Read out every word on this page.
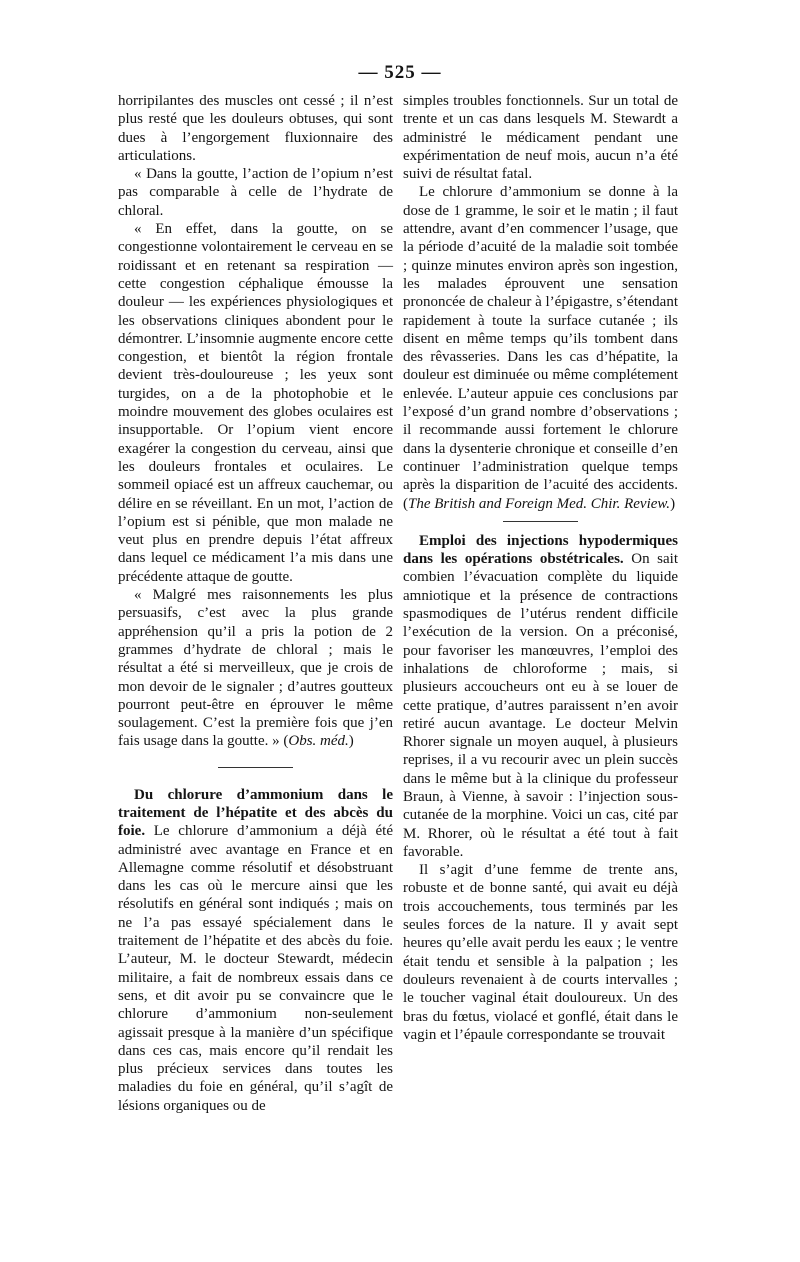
— 525 —

horripilantes des muscles ont cessé ; il n’est plus resté que les douleurs obtuses, qui sont dues à l’engorgement fluxionnaire des articulations.

« Dans la goutte, l’action de l’opium n’est pas comparable à celle de l’hydrate de chloral.

« En effet, dans la goutte, on se congestionne volontairement le cerveau en se roidissant et en retenant sa respiration — cette congestion céphalique émousse la douleur — les expériences physiologiques et les observations cliniques abondent pour le démontrer. L’insomnie augmente encore cette congestion, et bientôt la région frontale devient très-douloureuse ; les yeux sont turgides, on a de la photophobie et le moindre mouvement des globes oculaires est insupportable. Or l’opium vient encore exagérer la congestion du cerveau, ainsi que les douleurs frontales et oculaires. Le sommeil opiacé est un affreux cauchemar, ou délire en se réveillant. En un mot, l’action de l’opium est si pénible, que mon malade ne veut plus en prendre depuis l’état affreux dans lequel ce médicament l’a mis dans une précédente attaque de goutte.

« Malgré mes raisonnements les plus persuasifs, c’est avec la plus grande appréhension qu’il a pris la potion de 2 grammes d’hydrate de chloral ; mais le résultat a été si merveilleux, que je crois de mon devoir de le signaler ; d’autres goutteux pourront peut-être en éprouver le même soulagement. C’est la première fois que j’en fais usage dans la goutte. » (Obs. méd.)

Du chlorure d’ammonium dans le traitement de l’hépatite et des abcès du foie. Le chlorure d’ammonium a déjà été administré avec avantage en France et en Allemagne comme résolutif et désobstruant dans les cas où le mercure ainsi que les résolutifs en général sont indiqués ; mais on ne l’a pas essayé spécialement dans le traitement de l’hépatite et des abcès du foie. L’auteur, M. le docteur Stewardt, médecin militaire, a fait de nombreux essais dans ce sens, et dit avoir pu se convaincre que le chlorure d’ammonium non-seulement agissait presque à la manière d’un spécifique dans ces cas, mais encore qu’il rendait les plus précieux services dans toutes les maladies du foie en général, qu’il s’agît de lésions organiques ou de

simples troubles fonctionnels. Sur un total de trente et un cas dans lesquels M. Stewardt a administré le médicament pendant une expérimentation de neuf mois, aucun n’a été suivi de résultat fatal.

Le chlorure d’ammonium se donne à la dose de 1 gramme, le soir et le matin ; il faut attendre, avant d’en commencer l’usage, que la période d’acuité de la maladie soit tombée ; quinze minutes environ après son ingestion, les malades éprouvent une sensation prononcée de chaleur à l’épigastre, s’étendant rapidement à toute la surface cutanée ; ils disent en même temps qu’ils tombent dans des rêvasseries. Dans les cas d’hépatite, la douleur est diminuée ou même complétement enlevée. L’auteur appuie ces conclusions par l’exposé d’un grand nombre d’observations ; il recommande aussi fortement le chlorure dans la dysenterie chronique et conseille d’en continuer l’administration quelque temps après la disparition de l’acuité des accidents. (The British and Foreign Med. Chir. Review.)

Emploi des injections hypodermiques dans les opérations obstétricales. On sait combien l’évacuation complète du liquide amniotique et la présence de contractions spasmodiques de l’utérus rendent difficile l’exécution de la version. On a préconisé, pour favoriser les manœuvres, l’emploi des inhalations de chloroforme ; mais, si plusieurs accoucheurs ont eu à se louer de cette pratique, d’autres paraissent n’en avoir retiré aucun avantage. Le docteur Melvin Rhorer signale un moyen auquel, à plusieurs reprises, il a vu recourir avec un plein succès dans le même but à la clinique du professeur Braun, à Vienne, à savoir : l’injection sous-cutanée de la morphine. Voici un cas, cité par M. Rhorer, où le résultat a été tout à fait favorable.

Il s’agit d’une femme de trente ans, robuste et de bonne santé, qui avait eu déjà trois accouchements, tous terminés par les seules forces de la nature. Il y avait sept heures qu’elle avait perdu les eaux ; le ventre était tendu et sensible à la palpation ; les douleurs revenaient à de courts intervalles ; le toucher vaginal était douloureux. Un des bras du fœtus, violacé et gonflé, était dans le vagin et l’épaule correspondante se trouvait
